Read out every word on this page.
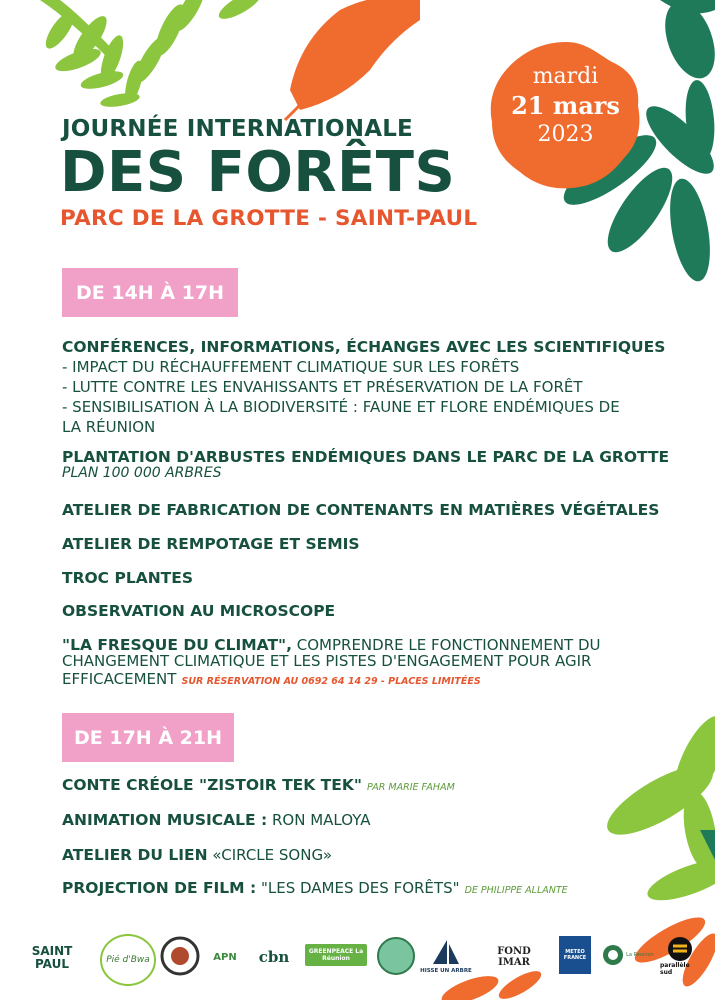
mardi
21 mars
2023
JOURNÉE INTERNATIONALE
DES FORÊTS
PARC DE LA GROTTE - SAINT-PAUL
DE 14H À 17H
CONFÉRENCES, INFORMATIONS, ÉCHANGES AVEC LES SCIENTIFIQUES
- IMPACT DU RÉCHAUFFEMENT CLIMATIQUE SUR LES FORÊTS
- LUTTE CONTRE LES ENVAHISSANTS ET PRÉSERVATION DE LA FORÊT
- SENSIBILISATION À LA BIODIVERSITÉ : FAUNE ET FLORE ENDÉMIQUES DE
LA RÉUNION
PLANTATION D'ARBUSTES ENDÉMIQUES DANS LE PARC DE LA GROTTE
PLAN 100 000 ARBRES
ATELIER DE FABRICATION DE CONTENANTS EN MATIÈRES VÉGÉTALES
ATELIER DE REMPOTAGE ET SEMIS
TROC PLANTES
OBSERVATION AU MICROSCOPE
"LA FRESQUE DU CLIMAT", COMPRENDRE LE FONCTIONNEMENT DU
CHANGEMENT CLIMATIQUE ET LES PISTES D'ENGAGEMENT POUR AGIR
EFFICACEMENT SUR RÉSERVATION AU 0692 64 14 29 - PLACES LIMITÉES
DE 17H À 21H
CONTE CRÉOLE "ZISTOIR TEK TEK" PAR MARIE FAHAM
ANIMATION MUSICALE : RON MALOYA
ATELIER DU LIEN «CIRCLE SONG»
PROJECTION DE FILM : "LES DAMES DES FORÊTS" DE PHILIPPE ALLANTE
SAINT PAUL	Pié d'Bwa	APN cbn	GREENPEACE La Réunion
HISSE UN ARBRE
FOND IMAR
METEO FRANCE	La Réunion
parallèle sud
